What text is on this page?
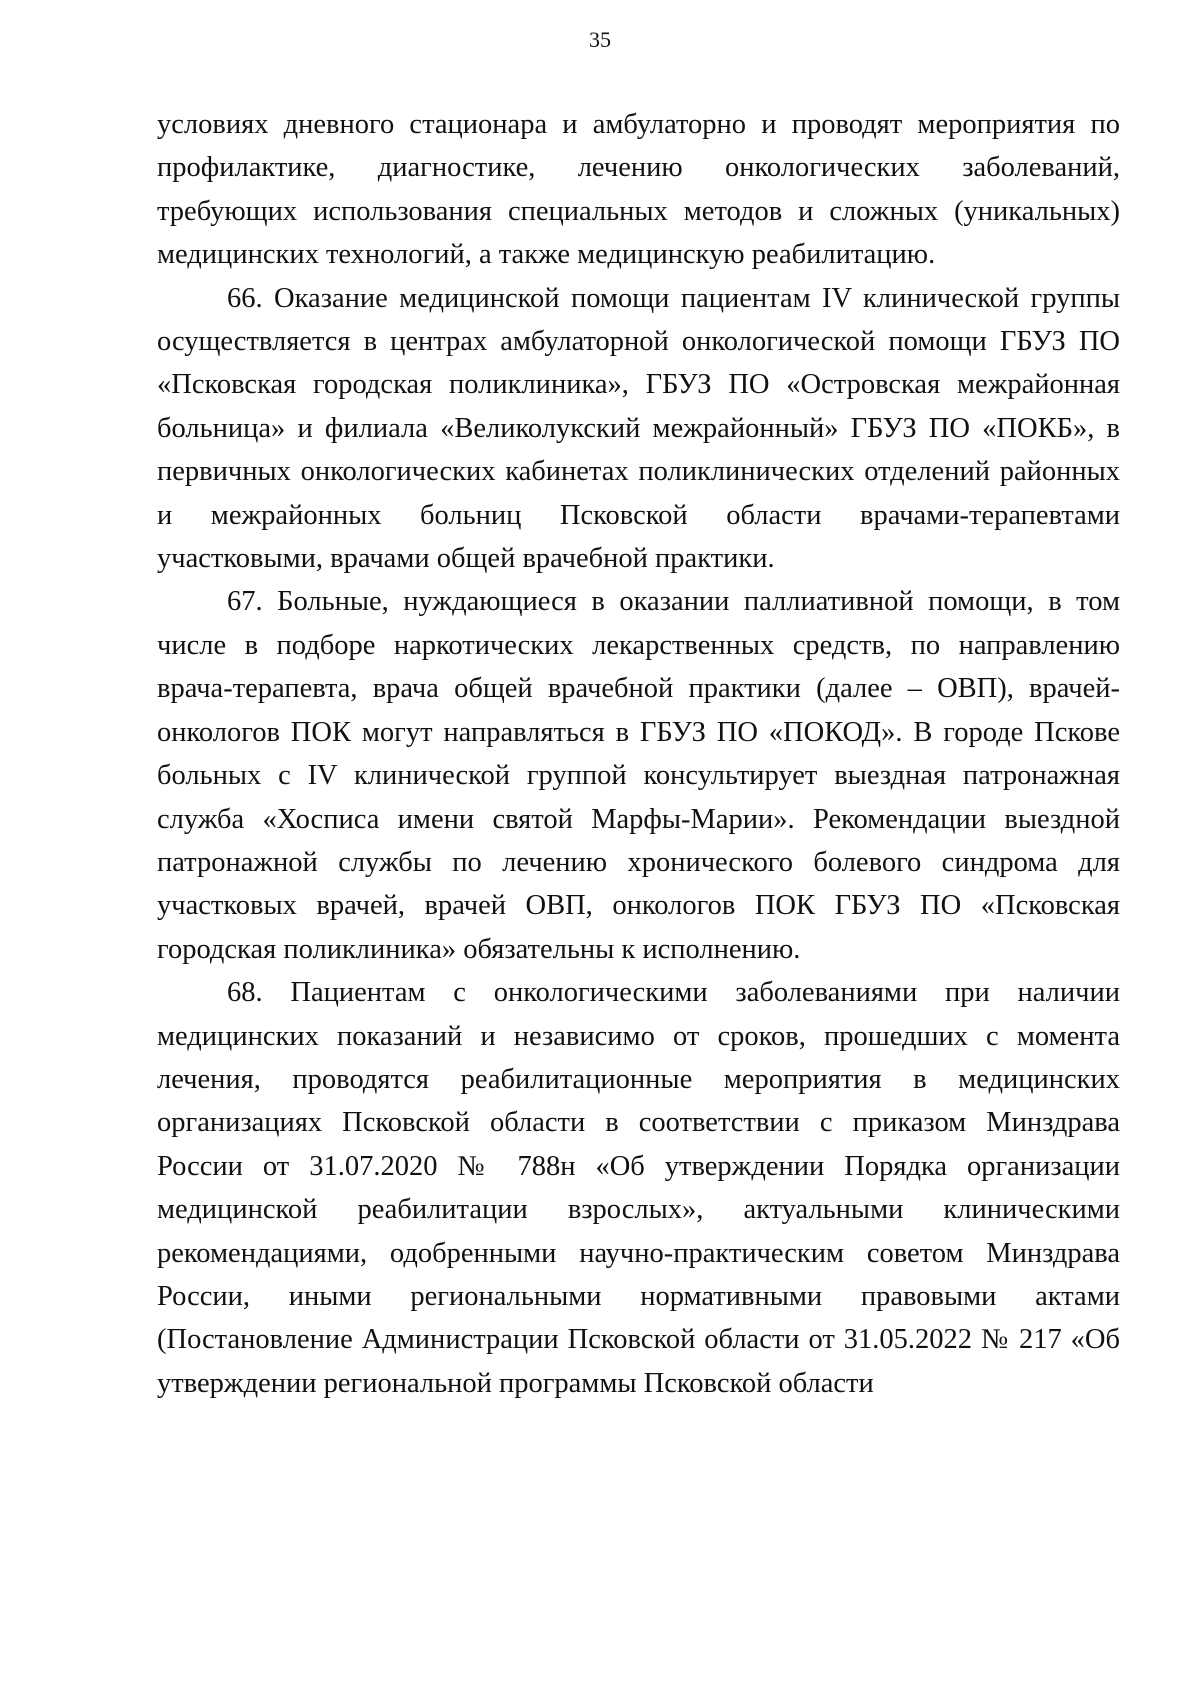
35

условиях дневного стационара и амбулаторно и проводят мероприятия по профилактике, диагностике, лечению онкологических заболеваний, требующих использования специальных методов и сложных (уникальных) медицинских технологий, а также медицинскую реабилитацию.

66. Оказание медицинской помощи пациентам IV клинической группы осуществляется в центрах амбулаторной онкологической помощи ГБУЗ ПО «Псковская городская поликлиника», ГБУЗ ПО «Островская межрайонная больница» и филиала «Великолукский межрайонный» ГБУЗ ПО «ПОКБ», в первичных онкологических кабинетах поликлинических отделений районных и межрайонных больниц Псковской области врачами-терапевтами участковыми, врачами общей врачебной практики.

67. Больные, нуждающиеся в оказании паллиативной помощи, в том числе в подборе наркотических лекарственных средств, по направлению врача-терапевта, врача общей врачебной практики (далее – ОВП), врачей-онкологов ПОК могут направляться в ГБУЗ ПО «ПОКОД». В городе Пскове больных с IV клинической группой консультирует выездная патронажная служба «Хосписа имени святой Марфы-Марии». Рекомендации выездной патронажной службы по лечению хронического болевого синдрома для участковых врачей, врачей ОВП, онкологов ПОК ГБУЗ ПО «Псковская городская поликлиника» обязательны к исполнению.

68. Пациентам с онкологическими заболеваниями при наличии медицинских показаний и независимо от сроков, прошедших с момента лечения, проводятся реабилитационные мероприятия в медицинских организациях Псковской области в соответствии с приказом Минздрава России от 31.07.2020 № 788н «Об утверждении Порядка организации медицинской реабилитации взрослых», актуальными клиническими рекомендациями, одобренными научно-практическим советом Минздрава России, иными региональными нормативными правовыми актами (Постановление Администрации Псковской области от 31.05.2022 № 217 «Об утверждении региональной программы Псковской области
